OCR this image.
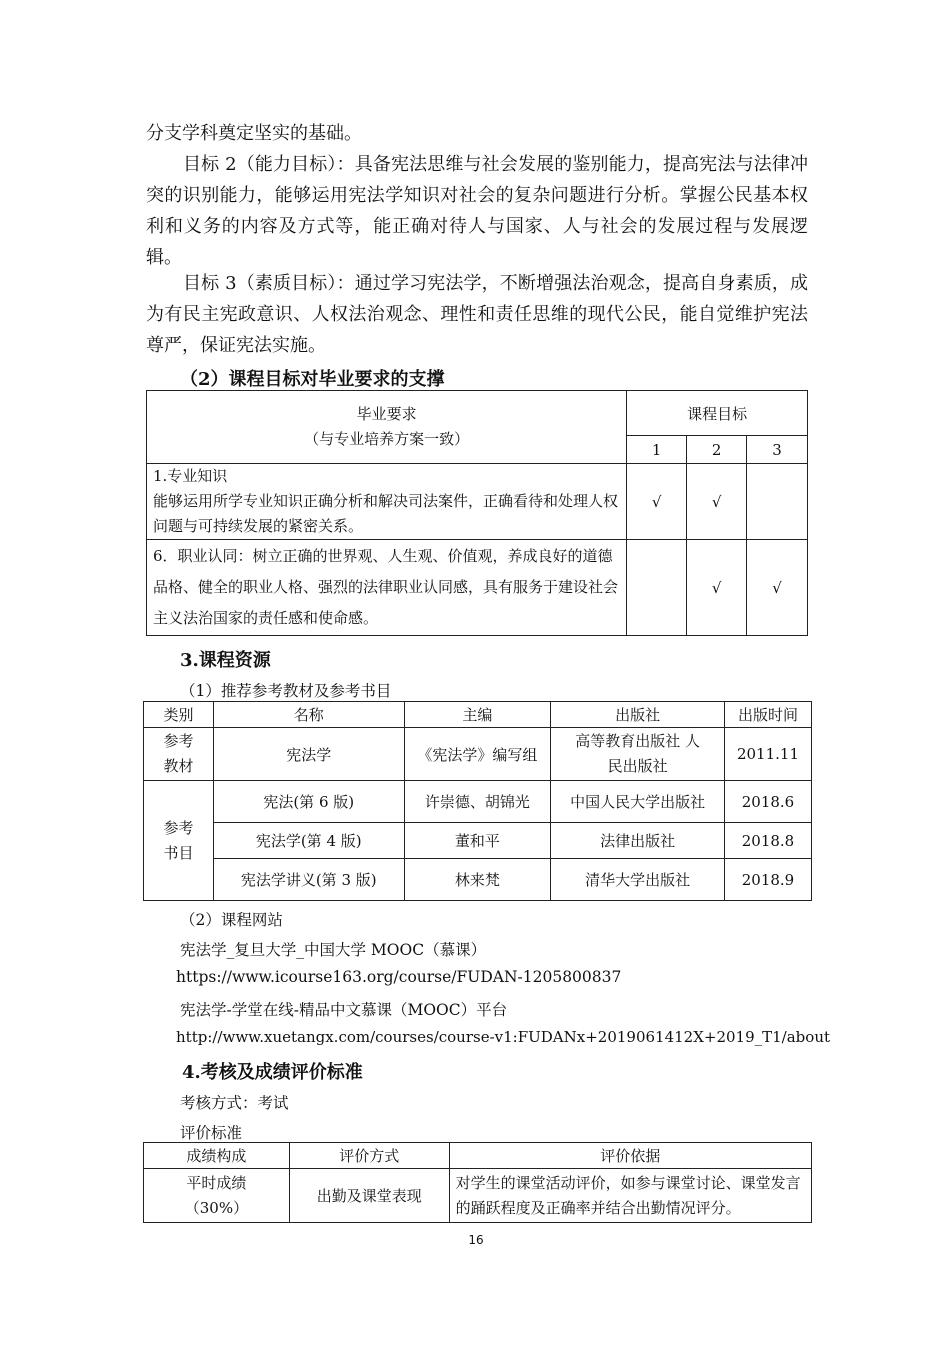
分支学科奠定坚实的基础。

目标 2（能力目标）：具备宪法思维与社会发展的鉴别能力，提高宪法与法律冲突的识别能力，能够运用宪法学知识对社会的复杂问题进行分析。掌握公民基本权利和义务的内容及方式等，能正确对待人与国家、人与社会的发展过程与发展逻辑。

目标 3（素质目标）：通过学习宪法学，不断增强法治观念，提高自身素质，成为有民主宪政意识、人权法治观念、理性和责任思维的现代公民，能自觉维护宪法尊严，保证宪法实施。

（2）课程目标对毕业要求的支撑

毕业要求
（与专业培养方案一致）	课程目标		
	1	2	3

1.专业知识
能够运用所学专业知识正确分析和解决司法案件，正确看待和处理人权问题与可持续发展的紧密关系。	√	√	
6．职业认同：树立正确的世界观、人生观、价值观，养成良好的道德品格、健全的职业人格、强烈的法律职业认同感，具有服务于建设社会主义法治国家的责任感和使命感。		√	√

3.课程资源

（1）推荐参考教材及参考书目

类别	名称	主编	出版社	出版时间
参考教材	宪法学	《宪法学》编写组	高等教育出版社 人民出版社	2011.11
参考书目	宪法(第 6 版)	许崇德、胡锦光	中国人民大学出版社	2018.6
	宪法学(第 4 版)	董和平	法律出版社	2018.8
	宪法学讲义(第 3 版)	林来梵	清华大学出版社	2018.9

（2）课程网站

宪法学_复旦大学_中国大学 MOOC（慕课）

https://www.icourse163.org/course/FUDAN-1205800837

宪法学-学堂在线-精品中文慕课（MOOC）平台

http://www.xuetangx.com/courses/course-v1:FUDANx+2019061412X+2019_T1/about

4.考核及成绩评价标准

考核方式：考试

评价标准

成绩构成	评价方式	评价依据

平时成绩
（30%）	出勤及课堂表现	对学生的课堂活动评价，如参与课堂讨论、课堂发言的踊跃程度及正确率并结合出勤情况评分。
16
